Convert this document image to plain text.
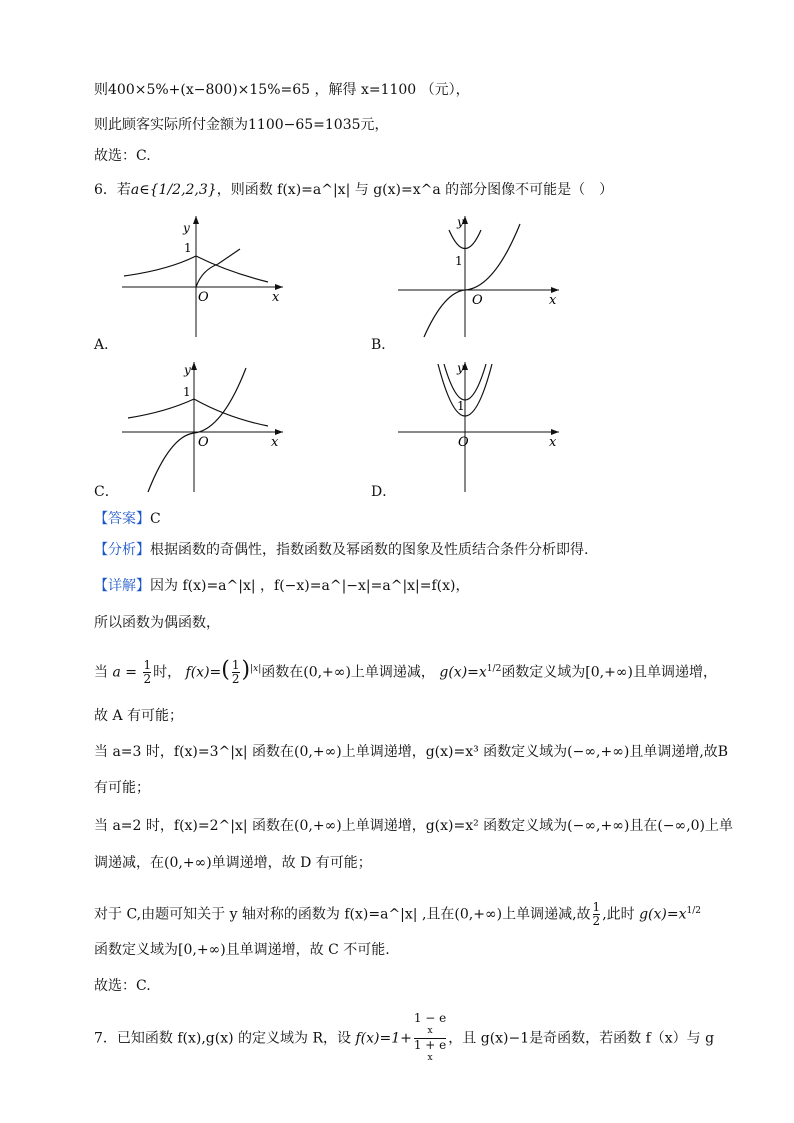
则400×5%+(x−800)×15%=65 ，解得 x=1100 （元），
则此顾客实际所付金额为1100−65=1035元，
故选：C.
6．若a∈{1/2,2,3}，则函数 f(x)=a^|x| 与 g(x)=x^a 的部分图像不可能是（　）
1
y
O	x
A．
1
y
O	x
B．
1
y
O	x
C．
1
y
O	x
D．
【答案】C
【分析】根据函数的奇偶性，指数函数及幂函数的图象及性质结合条件分析即得.
【详解】因为 f(x)=a^|x| ，f(−x)=a^|−x|=a^|x|=f(x)，
所以函数为偶函数，
当 $a = \frac{1}{2}$ 时， $f(x)=( \frac{1}{2} )^{|x|}$函数在(0,+∞)上单调递减， $g(x)=x^{1/2}$函数定义域为[0,+∞)且单调递增，
故 A 有可能；
当 a=3 时，f(x)=3^|x| 函数在(0,+∞)上单调递增，g(x)=x³ 函数定义域为(−∞,+∞)且单调递增,故B
有可能；
当 a=2 时，f(x)=2^|x| 函数在(0,+∞)上单调递增，g(x)=x² 函数定义域为(−∞,+∞)且在(−∞,0)上单
调递减，在(0,+∞)单调递增，故 D 有可能；
对于 C,由题可知关于 y 轴对称的函数为 f(x)=a^|x| ,且在(0,+∞)上单调递减,故 $\frac{1}{2}$ ,此时 $g(x)=x^{1/2}$
函数定义域为[0,+∞)且单调递增，故 C 不可能.
故选：C.
7．已知函数 f(x),g(x) 的定义域为 R，设 f(x)=1+ 1 − e
x
1 + e
x ，且 g(x)−1是奇函数，若函数 f（x）与 g
